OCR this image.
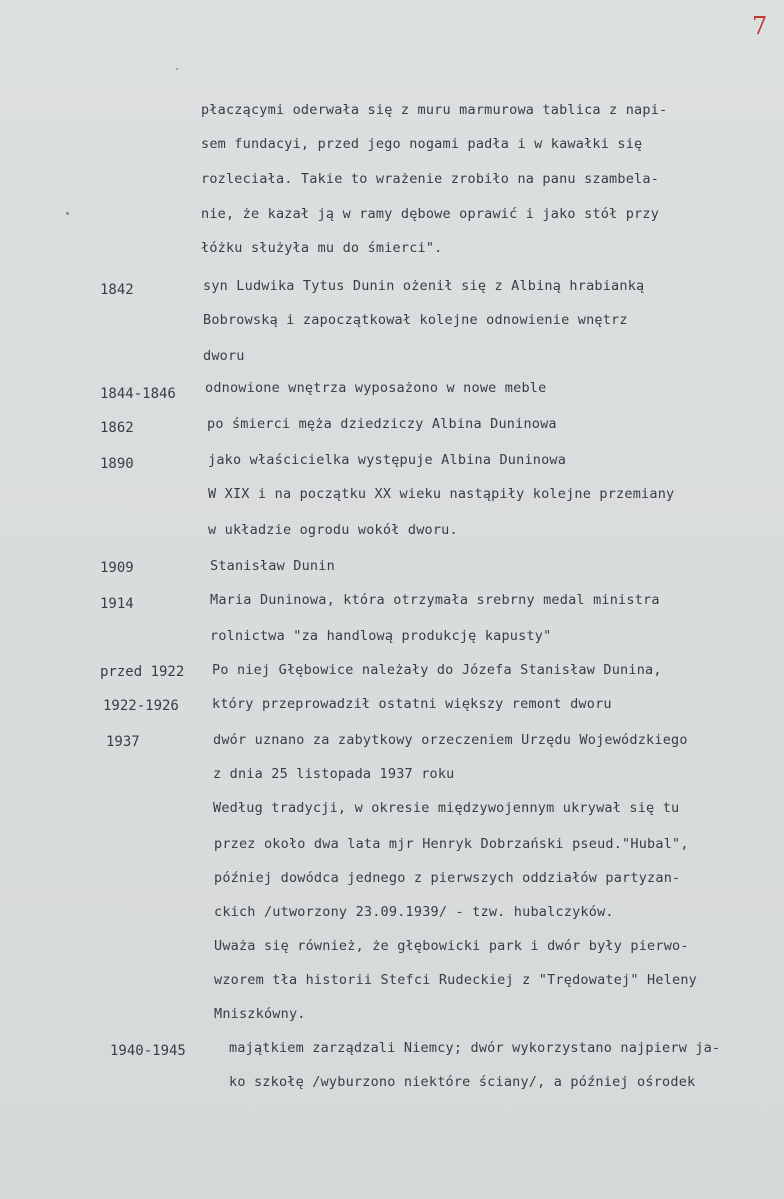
7
1842
1844-1846
1862
1890
1909
1914
przed 1922
1922-1926
1937
1940-1945
płaczącymi oderwała się z muru marmurowa tablica z napi-
sem fundacyi, przed jego nogami padła i w kawałki się
rozleciała. Takie to wrażenie zrobiło na panu szambela-
nie, że kazał ją w ramy dębowe oprawić i jako stół przy
łóżku służyła mu do śmierci".
syn Ludwika Tytus Dunin ożenił się z Albiną hrabianką
Bobrowską i zapoczątkował kolejne odnowienie wnętrz
dworu
odnowione wnętrza wyposażono w nowe meble
po śmierci męża dziedziczy Albina Duninowa
jako właścicielka występuje Albina Duninowa
W XIX i na początku XX wieku nastąpiły kolejne przemiany
w układzie ogrodu wokół dworu.
Stanisław Dunin
Maria Duninowa, która otrzymała srebrny medal ministra
rolnictwa "za handlową produkcję kapusty"
Po niej Głębowice należały do Józefa Stanisław Dunina,
który przeprowadził ostatni większy remont dworu
dwór uznano za zabytkowy orzeczeniem Urzędu Wojewódzkiego
z dnia 25 listopada 1937 roku
Według tradycji, w okresie międzywojennym ukrywał się tu
przez około dwa lata mjr Henryk Dobrzański pseud."Hubal",
później dowódca jednego z pierwszych oddziałów partyzan-
ckich /utworzony 23.09.1939/ - tzw. hubalczyków.
Uważa się również, że głębowicki park i dwór były pierwo-
wzorem tła historii Stefci Rudeckiej z "Trędowatej" Heleny
Mniszkówny.
majątkiem zarządzali Niemcy; dwór wykorzystano najpierw ja-
ko szkołę /wyburzono niektóre ściany/, a później ośrodek
